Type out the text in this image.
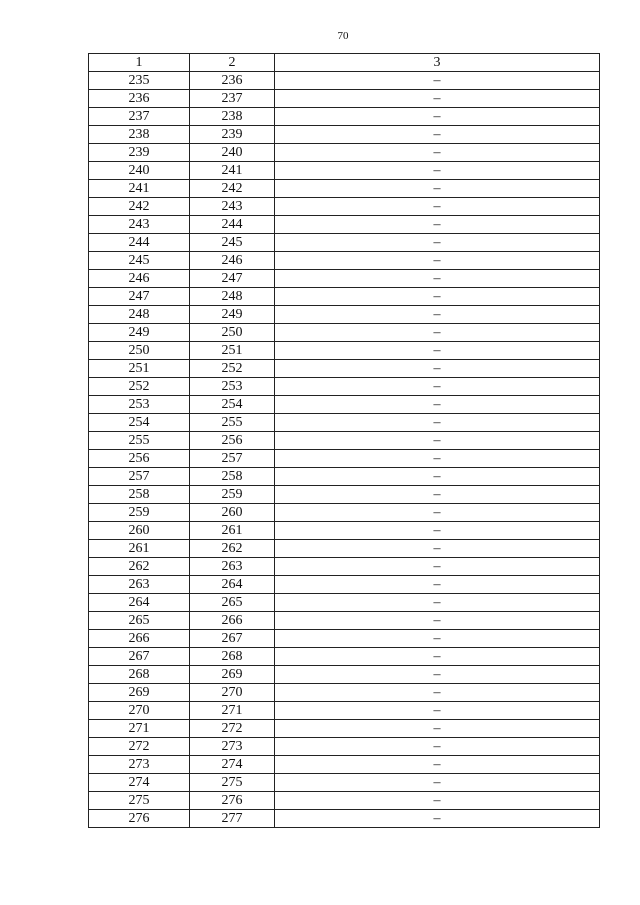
70
1	2	3
235	236	–
236	237	–
237	238	–
238	239	–
239	240	–
240	241	–
241	242	–
242	243	–
243	244	–
244	245	–
245	246	–
246	247	–
247	248	–
248	249	–
249	250	–
250	251	–
251	252	–
252	253	–
253	254	–
254	255	–
255	256	–
256	257	–
257	258	–
258	259	–
259	260	–
260	261	–
261	262	–
262	263	–
263	264	–
264	265	–
265	266	–
266	267	–
267	268	–
268	269	–
269	270	–
270	271	–
271	272	–
272	273	–
273	274	–
274	275	–
275	276	–
276	277	–
